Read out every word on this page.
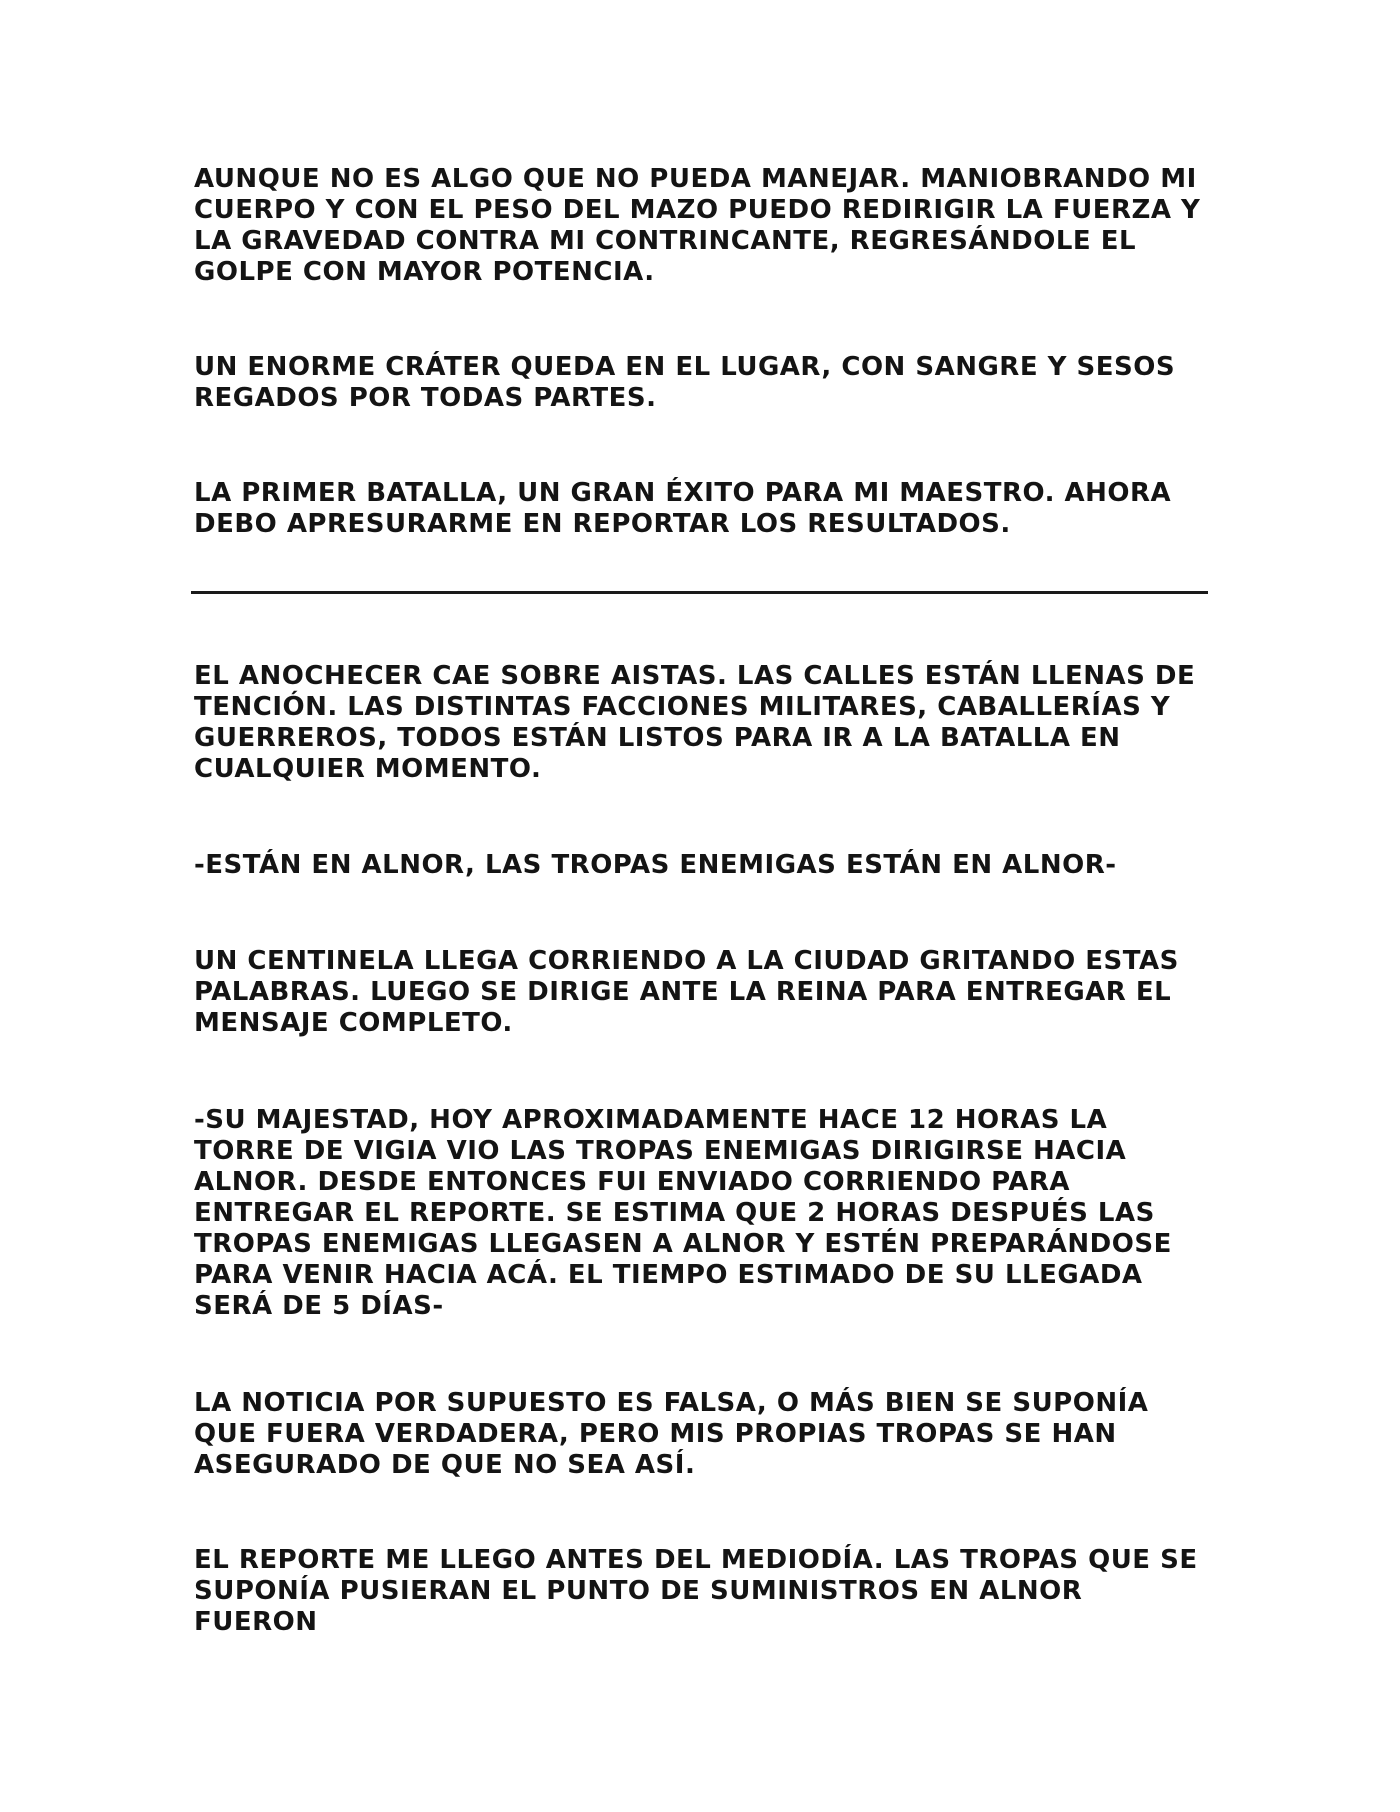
AUNQUE NO ES ALGO QUE NO PUEDA MANEJAR. MANIOBRANDO MI CUERPO Y CON EL PESO DEL MAZO PUEDO REDIRIGIR LA FUERZA Y LA GRAVEDAD CONTRA MI CONTRINCANTE, REGRESÁNDOLE EL GOLPE CON MAYOR POTENCIA.

UN ENORME CRÁTER QUEDA EN EL LUGAR, CON SANGRE Y SESOS REGADOS POR TODAS PARTES.

LA PRIMER BATALLA, UN GRAN ÉXITO PARA MI MAESTRO. AHORA DEBO APRESURARME EN REPORTAR LOS RESULTADOS.

EL ANOCHECER CAE SOBRE AISTAS. LAS CALLES ESTÁN LLENAS DE TENCIÓN. LAS DISTINTAS FACCIONES MILITARES, CABALLERÍAS Y GUERREROS, TODOS ESTÁN LISTOS PARA IR A LA BATALLA EN CUALQUIER MOMENTO.

-ESTÁN EN ALNOR, LAS TROPAS ENEMIGAS ESTÁN EN ALNOR-

UN CENTINELA LLEGA CORRIENDO A LA CIUDAD GRITANDO ESTAS PALABRAS. LUEGO SE DIRIGE ANTE LA REINA PARA ENTREGAR EL MENSAJE COMPLETO.

-SU MAJESTAD, HOY APROXIMADAMENTE HACE 12 HORAS LA TORRE DE VIGIA VIO LAS TROPAS ENEMIGAS DIRIGIRSE HACIA ALNOR. DESDE ENTONCES FUI ENVIADO CORRIENDO PARA ENTREGAR EL REPORTE. SE ESTIMA QUE 2 HORAS DESPUÉS LAS TROPAS ENEMIGAS LLEGASEN A ALNOR Y ESTÉN PREPARÁNDOSE PARA VENIR HACIA ACÁ. EL TIEMPO ESTIMADO DE SU LLEGADA SERÁ DE 5 DÍAS-

LA NOTICIA POR SUPUESTO ES FALSA, O MÁS BIEN SE SUPONÍA QUE FUERA VERDADERA, PERO MIS PROPIAS TROPAS SE HAN ASEGURADO DE QUE NO SEA ASÍ.

EL REPORTE ME LLEGO ANTES DEL MEDIODÍA. LAS TROPAS QUE SE SUPONÍA PUSIERAN EL PUNTO DE SUMINISTROS EN ALNOR FUERON
